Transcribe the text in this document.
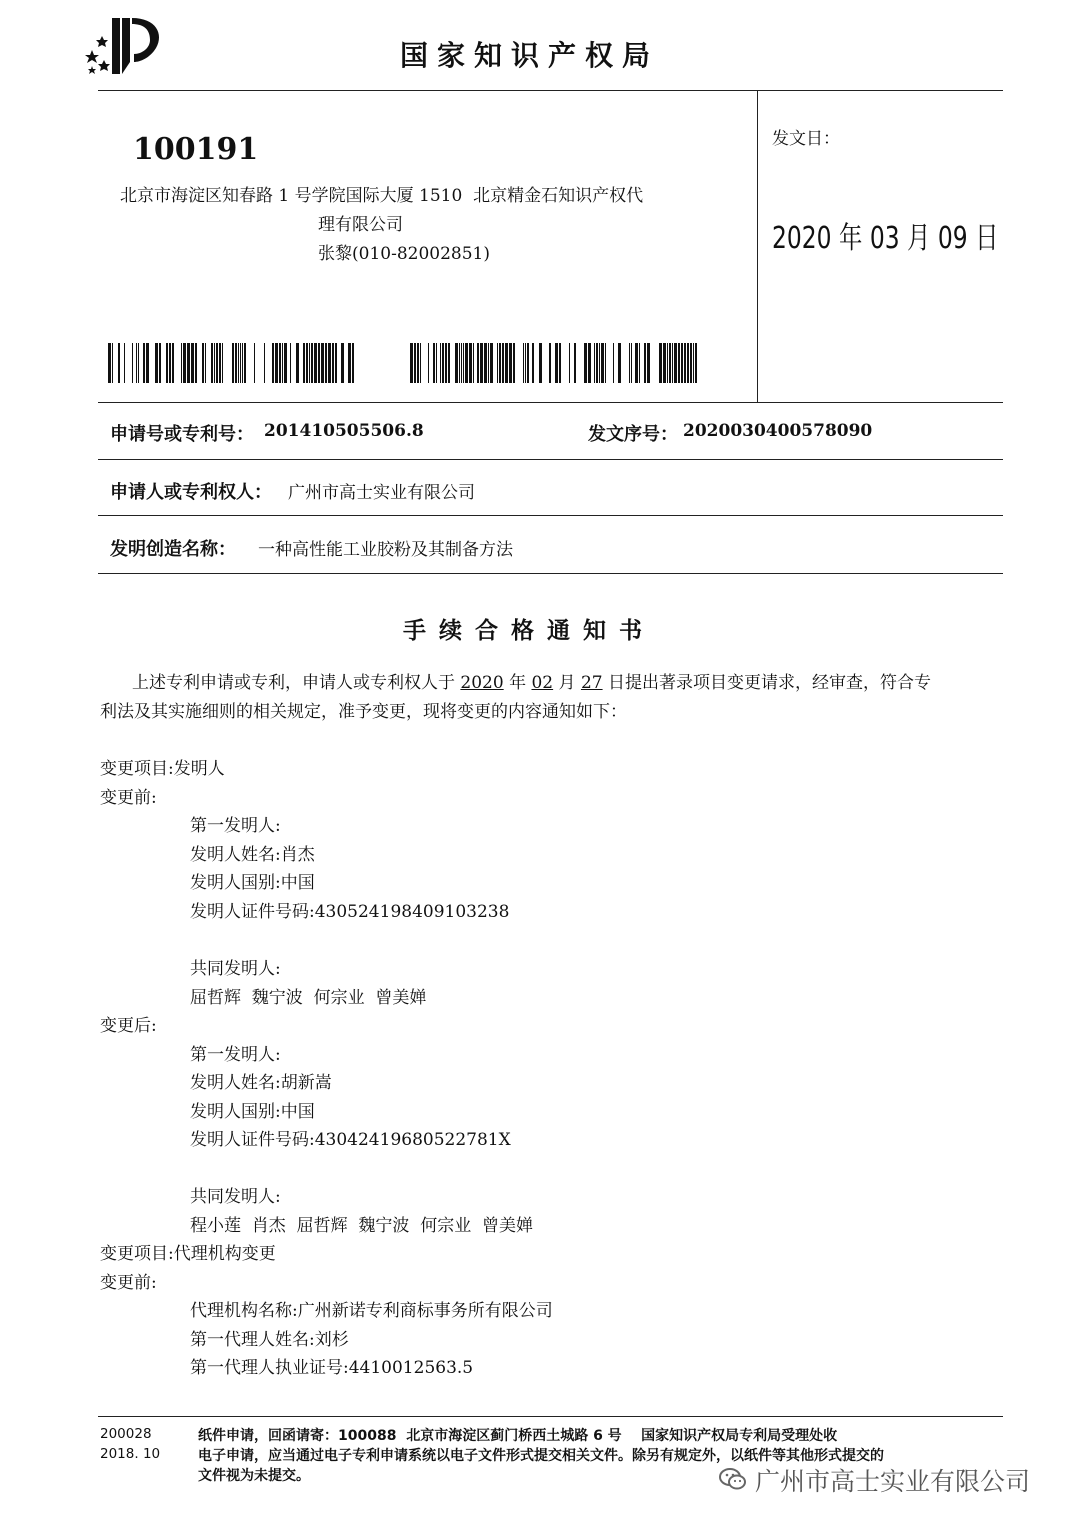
国家知识产权局
100191
北京市海淀区知春路 1 号学院国际大厦 1510  北京精金石知识产权代
理有限公司
张黎(010-82002851)
发文日：
2020 年 03 月 09 日
申请号或专利号： 201410505506.8	发文序号： 2020030400578090
申请人或专利权人： 广州市高士实业有限公司
发明创造名称： 一种高性能工业胶粉及其制备方法
手续合格通知书
上述专利申请或专利，申请人或专利权人于 2020 年 02 月 27 日提出著录项目变更请求，经审查，符合专
利法及其实施细则的相关规定，准予变更，现将变更的内容通知如下：
变更项目:发明人
变更前:
第一发明人:
发明人姓名:肖杰
发明人国别:中国
发明人证件号码:430524198409103238
共同发明人:
屈哲辉  魏宁波  何宗业  曾美婵
变更后:
第一发明人:
发明人姓名:胡新嵩
发明人国别:中国
发明人证件号码:43042419680522781X
共同发明人:
程小莲  肖杰  屈哲辉  魏宁波  何宗业  曾美婵
变更项目:代理机构变更
变更前:
代理机构名称:广州新诺专利商标事务所有限公司
第一代理人姓名:刘杉
第一代理人执业证号:4410012563.5
200028
2018. 10
纸件申请，回函请寄：100088  北京市海淀区蓟门桥西土城路 6 号    国家知识产权局专利局受理处收
电子申请，应当通过电子专利申请系统以电子文件形式提交相关文件。除另有规定外，以纸件等其他形式提交的
文件视为未提交。	广州市高士实业有限公司
